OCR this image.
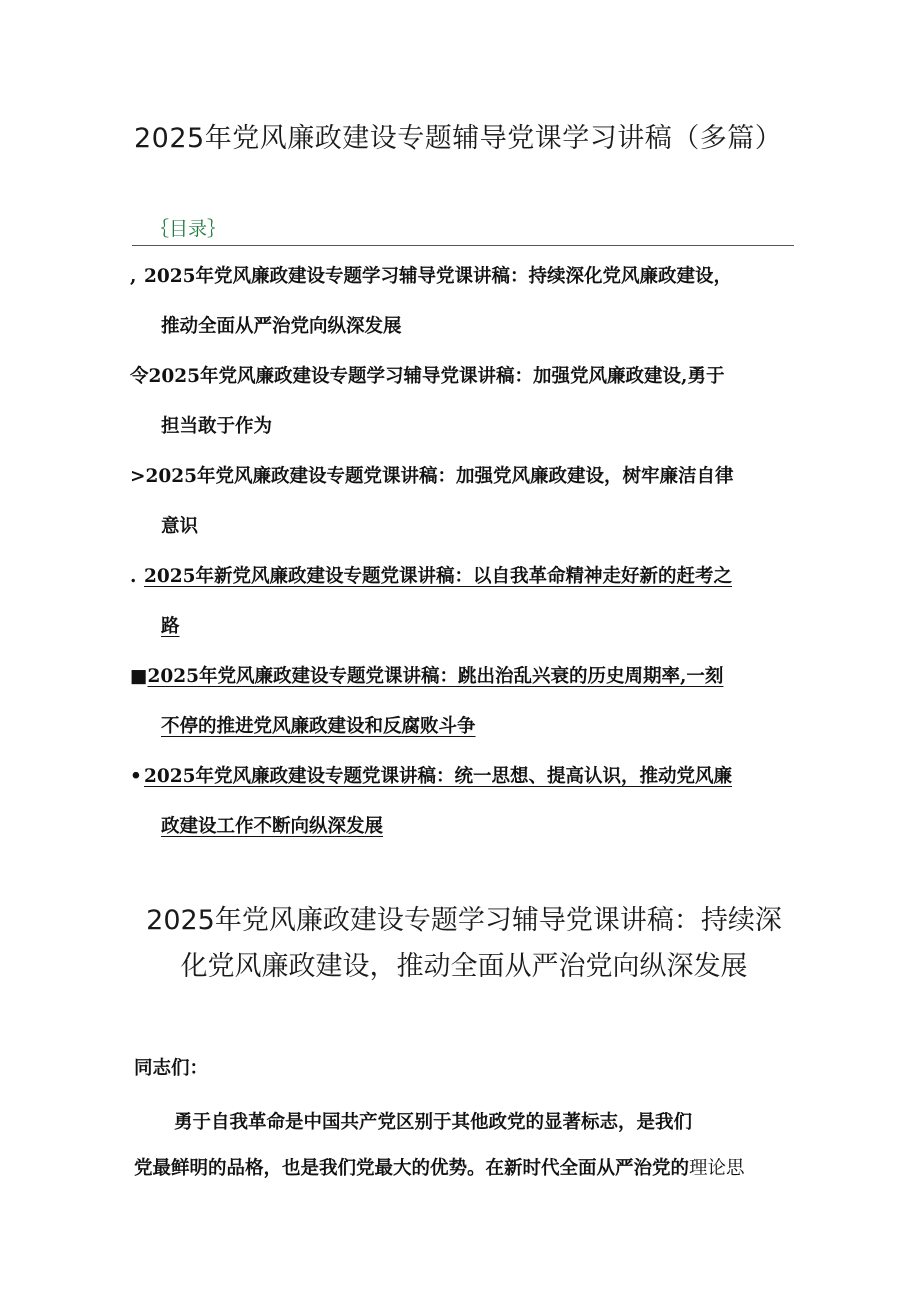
2025年党风廉政建设专题辅导党课学习讲稿（多篇）
｛目录｝
, 2025年党风廉政建设专题学习辅导党课讲稿：持续深化党风廉政建设，
推动全面从严治党向纵深发展
令2025年党风廉政建设专题学习辅导党课讲稿：加强党风廉政建设,勇于
担当敢于作为
>2025年党风廉政建设专题党课讲稿：加强党风廉政建设，树牢廉洁自律
意识
. 2025年新党风廉政建设专题党课讲稿：以自我革命精神走好新的赶考之
路
■2025年党风廉政建设专题党课讲稿：跳出治乱兴衰的历史周期率,一刻
不停的推进党风廉政建设和反腐败斗争
• 2025年党风廉政建设专题党课讲稿：统一思想、提高认识，推动党风廉
政建设工作不断向纵深发展
2025年党风廉政建设专题学习辅导党课讲稿：持续深
化党风廉政建设，推动全面从严治党向纵深发展
同志们：
勇于自我革命是中国共产党区别于其他政党的显著标志，是我们
党最鲜明的品格，也是我们党最大的优势。在新时代全面从严治党的理论思
